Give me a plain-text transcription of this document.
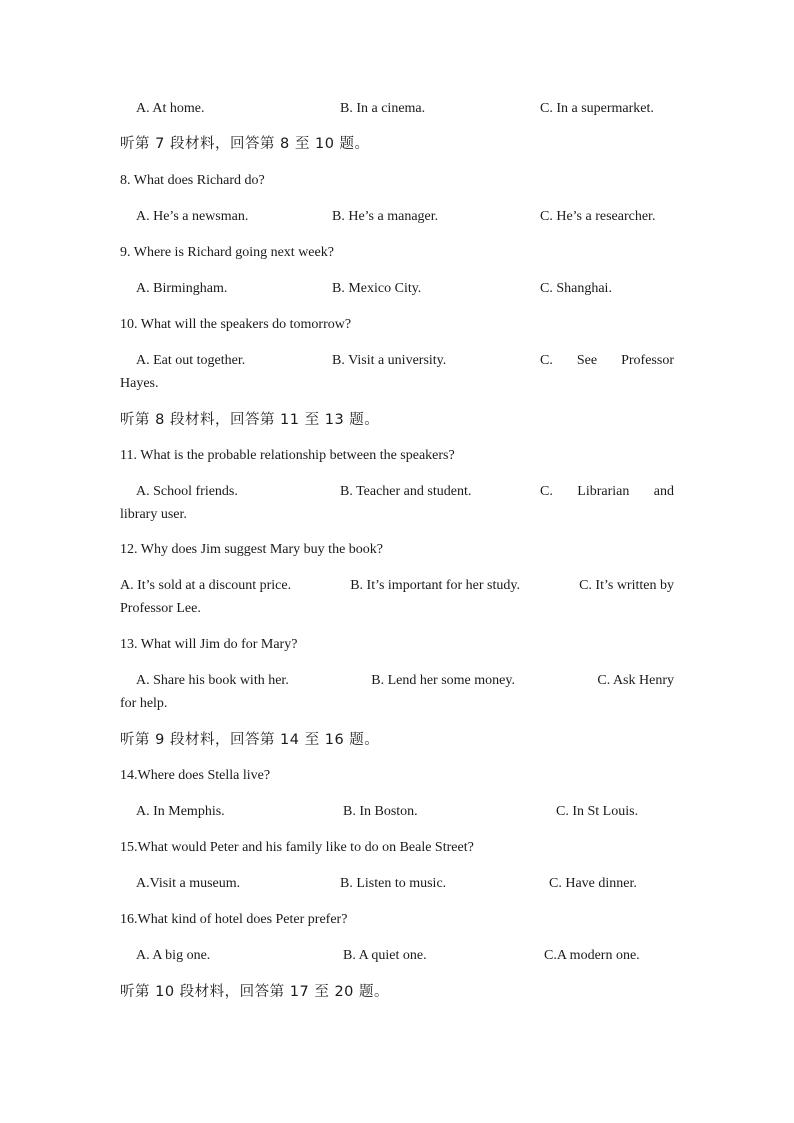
A. At home.	B. In a cinema.	C. In a supermarket.
听第 7 段材料，回答第 8 至 10 题。
8. What does Richard do?
A. He’s a newsman.	B. He’s a manager.	C. He’s a researcher.
9. Where is Richard going next week?
A. Birmingham.	B. Mexico City.	C. Shanghai.
10. What will the speakers do tomorrow?
A. Eat out together.	B. Visit a university.	C. See Professor
Hayes.
听第 8 段材料，回答第 11 至 13 题。
11. What is the probable relationship between the speakers?
A. School friends.	B. Teacher and student.	C. Librarian and
library user.
12. Why does Jim suggest Mary buy the book?
A. It’s sold at a discount price.	B. It’s important for her study.	C. It’s written by
Professor Lee.
13. What will Jim do for Mary?
A. Share his book with her.	B. Lend her some money.	C. Ask Henry
for help.
听第 9 段材料，回答第 14 至 16 题。
14.Where does Stella live?
A. In Memphis.	B. In Boston.	C. In St Louis.
15.What would Peter and his family like to do on Beale Street?
A.Visit a museum.	B. Listen to music.	C. Have dinner.
16.What kind of hotel does Peter prefer?
A. A big one.	B. A quiet one.	C.A modern one.
听第 10 段材料，回答第 17 至 20 题。
